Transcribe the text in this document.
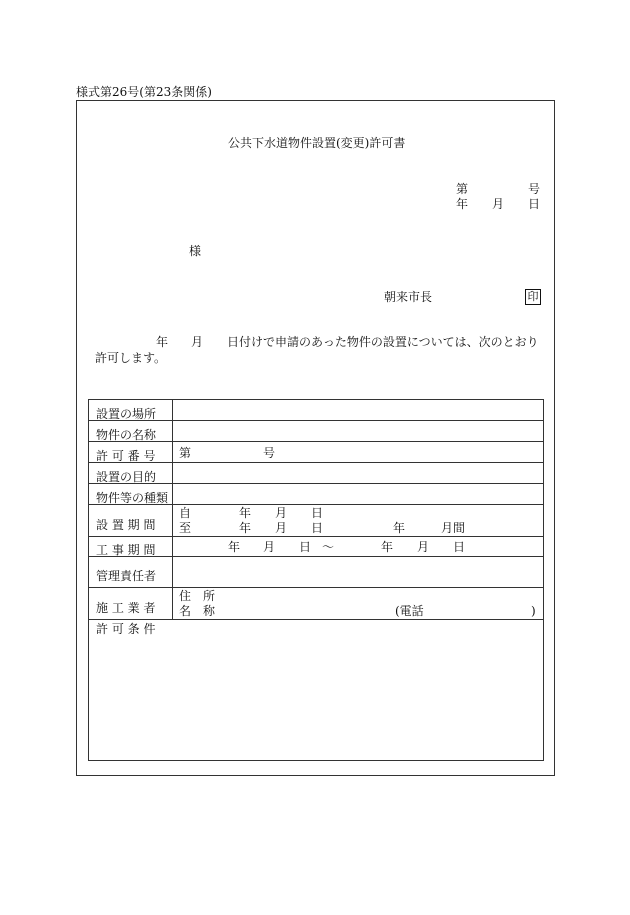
様式第26号(第23条関係)
公共下水道物件設置(変更)許可書
第	号
年 月 日
様
朝来市長	印
年 月 日付けで申請のあった物件の設置については、次のとおり
許可します。
設置の場所
物件の名称
許 可 番 号 第	号
設置の目的
物件等の種類
設 置 期 間
自	年 月 日
至	年 月 日	年	月間
工 事 期 間	年 月 日 ～	年 月 日
管理責任者
施 工 業 者
住　所
名　称	(電話	)
許 可 条 件
